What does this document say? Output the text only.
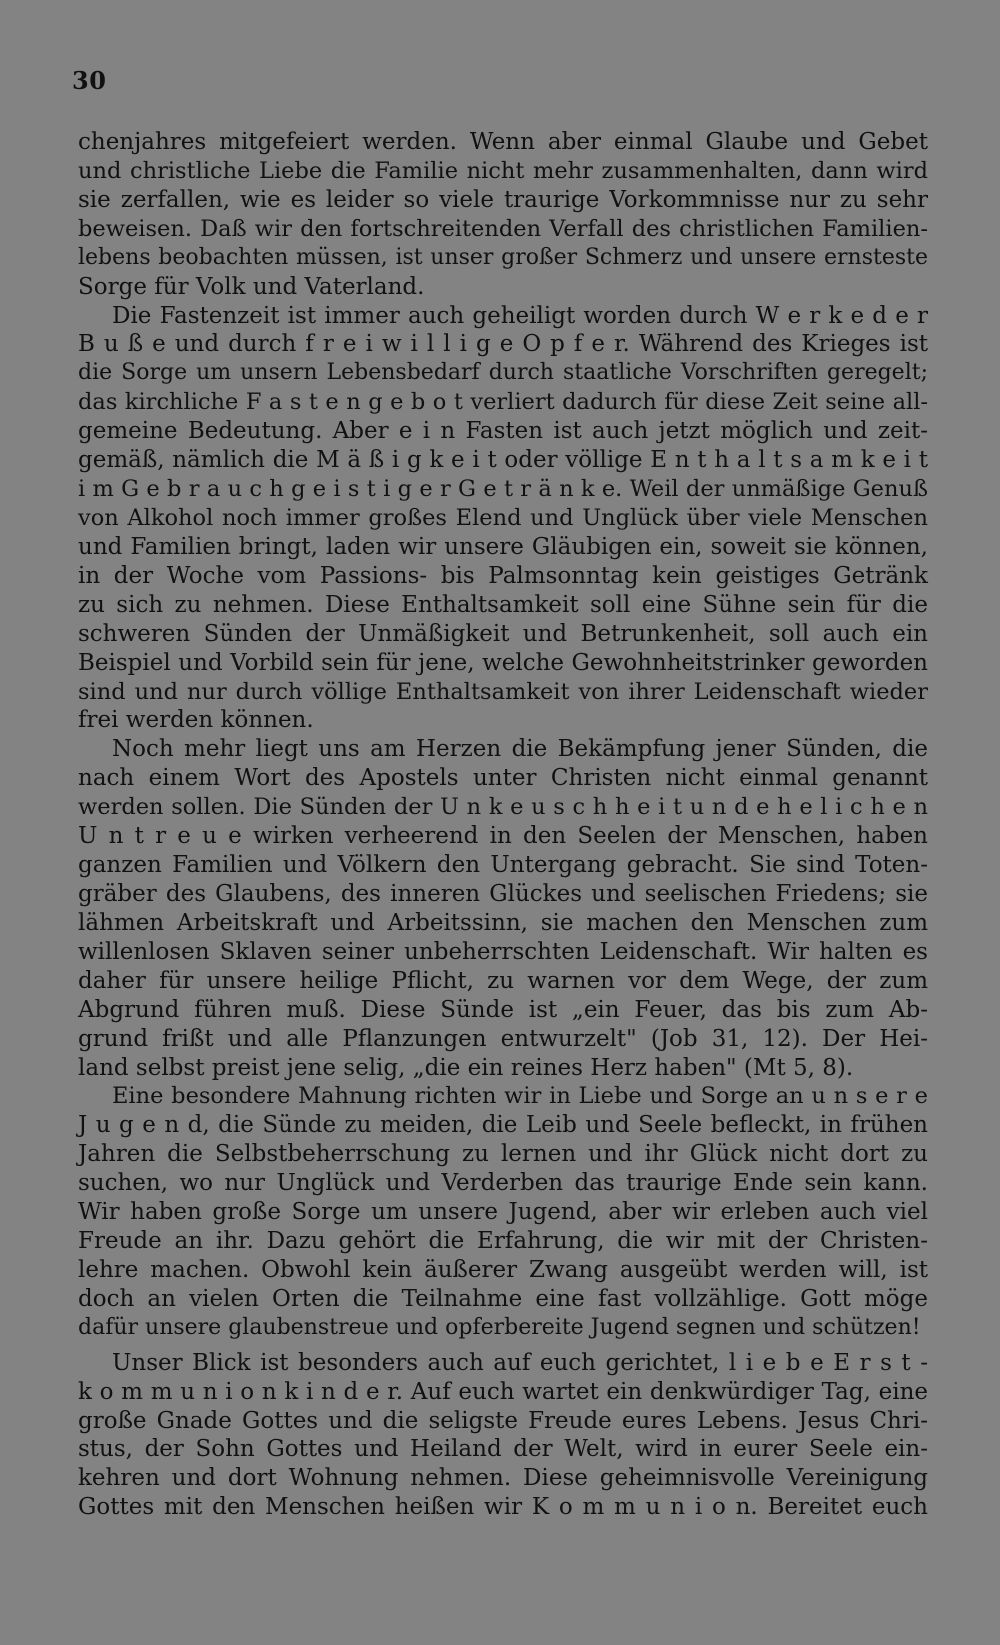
30
chenjahres mitgefeiert werden. Wenn aber einmal Glaube und Gebet
und christliche Liebe die Familie nicht mehr zusammenhalten, dann wird
sie zerfallen, wie es leider so viele traurige Vorkommnisse nur zu sehr
beweisen. Daß wir den fortschreitenden Verfall des christlichen Familien-
lebens beobachten müssen, ist unser großer Schmerz und unsere ernsteste
Sorge für Volk und Vaterland.
Die Fastenzeit ist immer auch geheiligt worden durch W e r k e d e r
B u ß e und durch f r e i w i l l i g e O p f e r. Während des Krieges ist
die Sorge um unsern Lebensbedarf durch staatliche Vorschriften geregelt;
das kirchliche F a s t e n g e b o t verliert dadurch für diese Zeit seine all-
gemeine Bedeutung. Aber e i n Fasten ist auch jetzt möglich und zeit-
gemäß, nämlich die M ä ß i g k e i t oder völlige E n t h a l t s a m k e i t
i m G e b r a u c h g e i s t i g e r G e t r ä n k e. Weil der unmäßige Genuß
von Alkohol noch immer großes Elend und Unglück über viele Menschen
und Familien bringt, laden wir unsere Gläubigen ein, soweit sie können,
in der Woche vom Passions- bis Palmsonntag kein geistiges Getränk
zu sich zu nehmen. Diese Enthaltsamkeit soll eine Sühne sein für die
schweren Sünden der Unmäßigkeit und Betrunkenheit, soll auch ein
Beispiel und Vorbild sein für jene, welche Gewohnheitstrinker geworden
sind und nur durch völlige Enthaltsamkeit von ihrer Leidenschaft wieder
frei werden können.
Noch mehr liegt uns am Herzen die Bekämpfung jener Sünden, die
nach einem Wort des Apostels unter Christen nicht einmal genannt
werden sollen. Die Sünden der U n k e u s c h h e i t u n d e h e l i c h e n
U n t r e u e wirken verheerend in den Seelen der Menschen, haben
ganzen Familien und Völkern den Untergang gebracht. Sie sind Toten-
gräber des Glaubens, des inneren Glückes und seelischen Friedens; sie
lähmen Arbeitskraft und Arbeitssinn, sie machen den Menschen zum
willenlosen Sklaven seiner unbeherrschten Leidenschaft. Wir halten es
daher für unsere heilige Pflicht, zu warnen vor dem Wege, der zum
Abgrund führen muß. Diese Sünde ist „ein Feuer, das bis zum Ab-
grund frißt und alle Pflanzungen entwurzelt" (Job 31, 12). Der Hei-
land selbst preist jene selig, „die ein reines Herz haben" (Mt 5, 8).
Eine besondere Mahnung richten wir in Liebe und Sorge an u n s e r e
J u g e n d, die Sünde zu meiden, die Leib und Seele befleckt, in frühen
Jahren die Selbstbeherrschung zu lernen und ihr Glück nicht dort zu
suchen, wo nur Unglück und Verderben das traurige Ende sein kann.
Wir haben große Sorge um unsere Jugend, aber wir erleben auch viel
Freude an ihr. Dazu gehört die Erfahrung, die wir mit der Christen-
lehre machen. Obwohl kein äußerer Zwang ausgeübt werden will, ist
doch an vielen Orten die Teilnahme eine fast vollzählige. Gott möge
dafür unsere glaubenstreue und opferbereite Jugend segnen und schützen!
Unser Blick ist besonders auch auf euch gerichtet, l i e b e E r s t -
k o m m u n i o n k i n d e r. Auf euch wartet ein denkwürdiger Tag, eine
große Gnade Gottes und die seligste Freude eures Lebens. Jesus Chri-
stus, der Sohn Gottes und Heiland der Welt, wird in eurer Seele ein-
kehren und dort Wohnung nehmen. Diese geheimnisvolle Vereinigung
Gottes mit den Menschen heißen wir K o m m u n i o n. Bereitet euch
